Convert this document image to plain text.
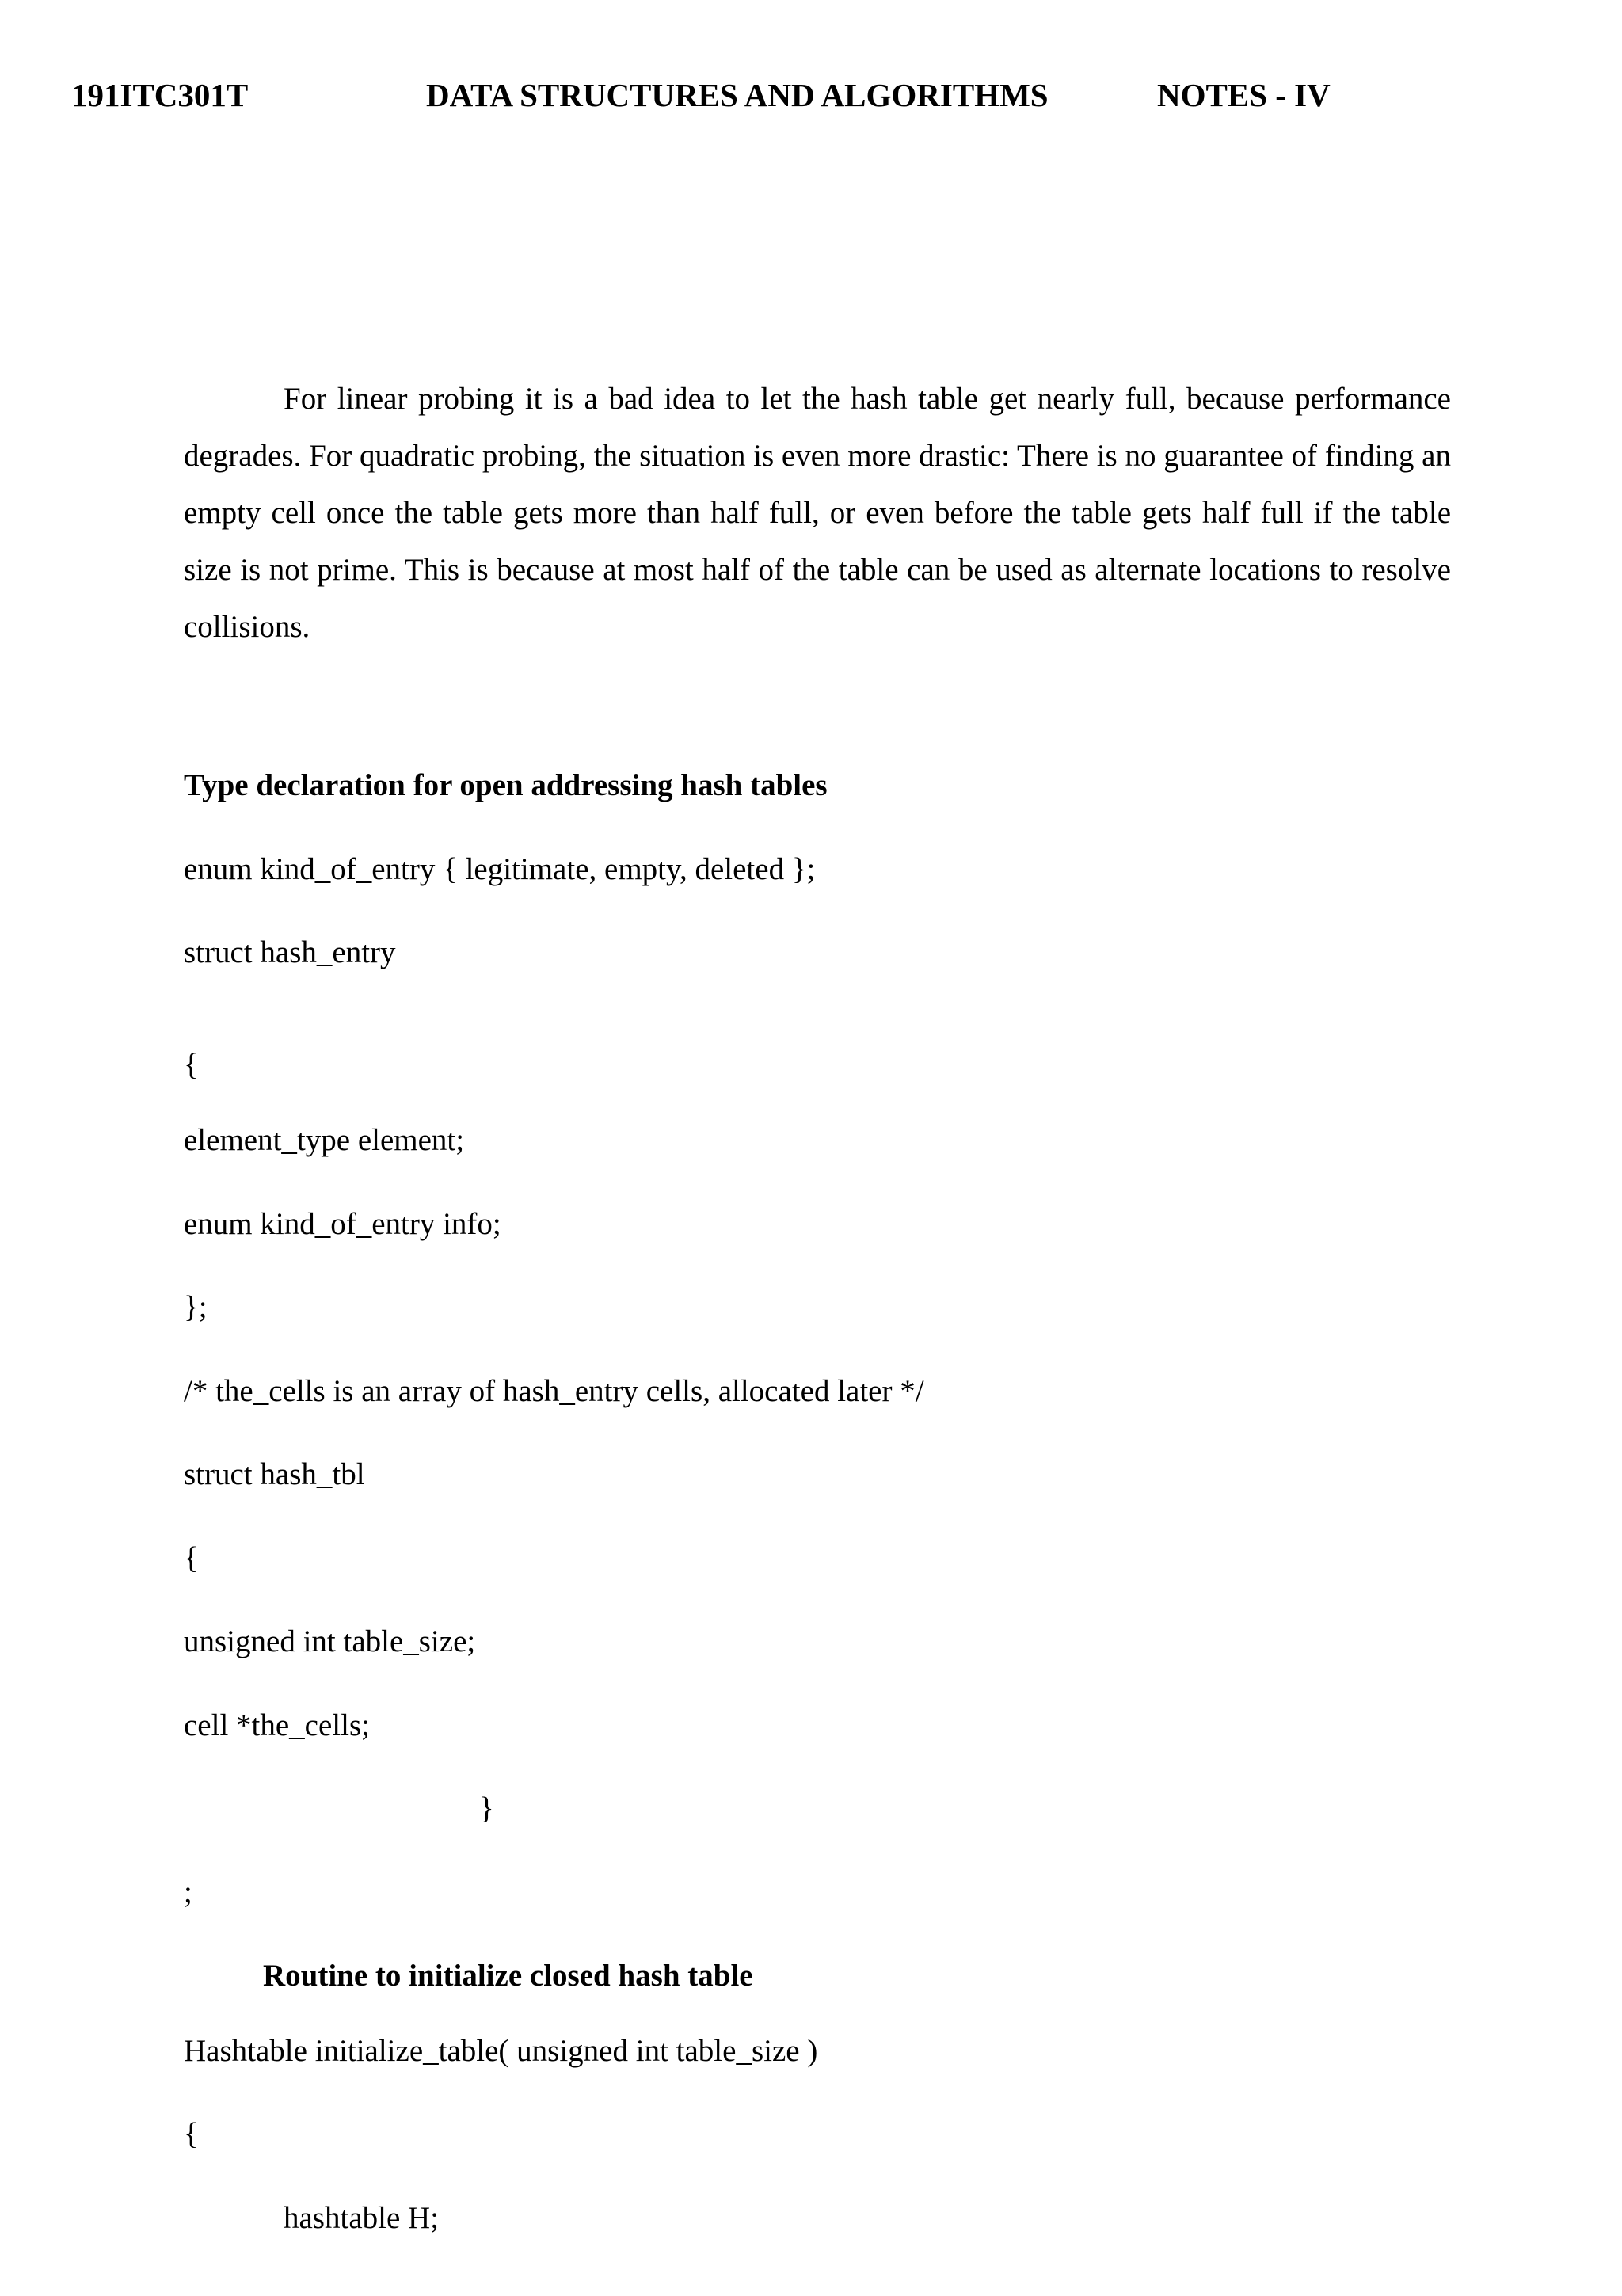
191ITC301T	DATA STRUCTURES AND ALGORITHMS	NOTES - IV

For linear probing it is a bad idea to let the hash table get nearly full, because performance degrades. For quadratic probing, the situation is even more drastic: There is no guarantee of finding an empty cell once the table gets more than half full, or even before the table gets half full if the table size is not prime. This is because at most half of the table can be used as alternate locations to resolve collisions.

Type declaration for open addressing hash tables
enum kind_of_entry { legitimate, empty, deleted };
struct hash_entry
{
element_type element;
enum kind_of_entry info;
};
/* the_cells is an array of hash_entry cells, allocated later */
struct hash_tbl
{
unsigned int table_size;
cell *the_cells;
}
;
Routine to initialize closed hash table
Hashtable initialize_table( unsigned int table_size )
{
hashtable H;
